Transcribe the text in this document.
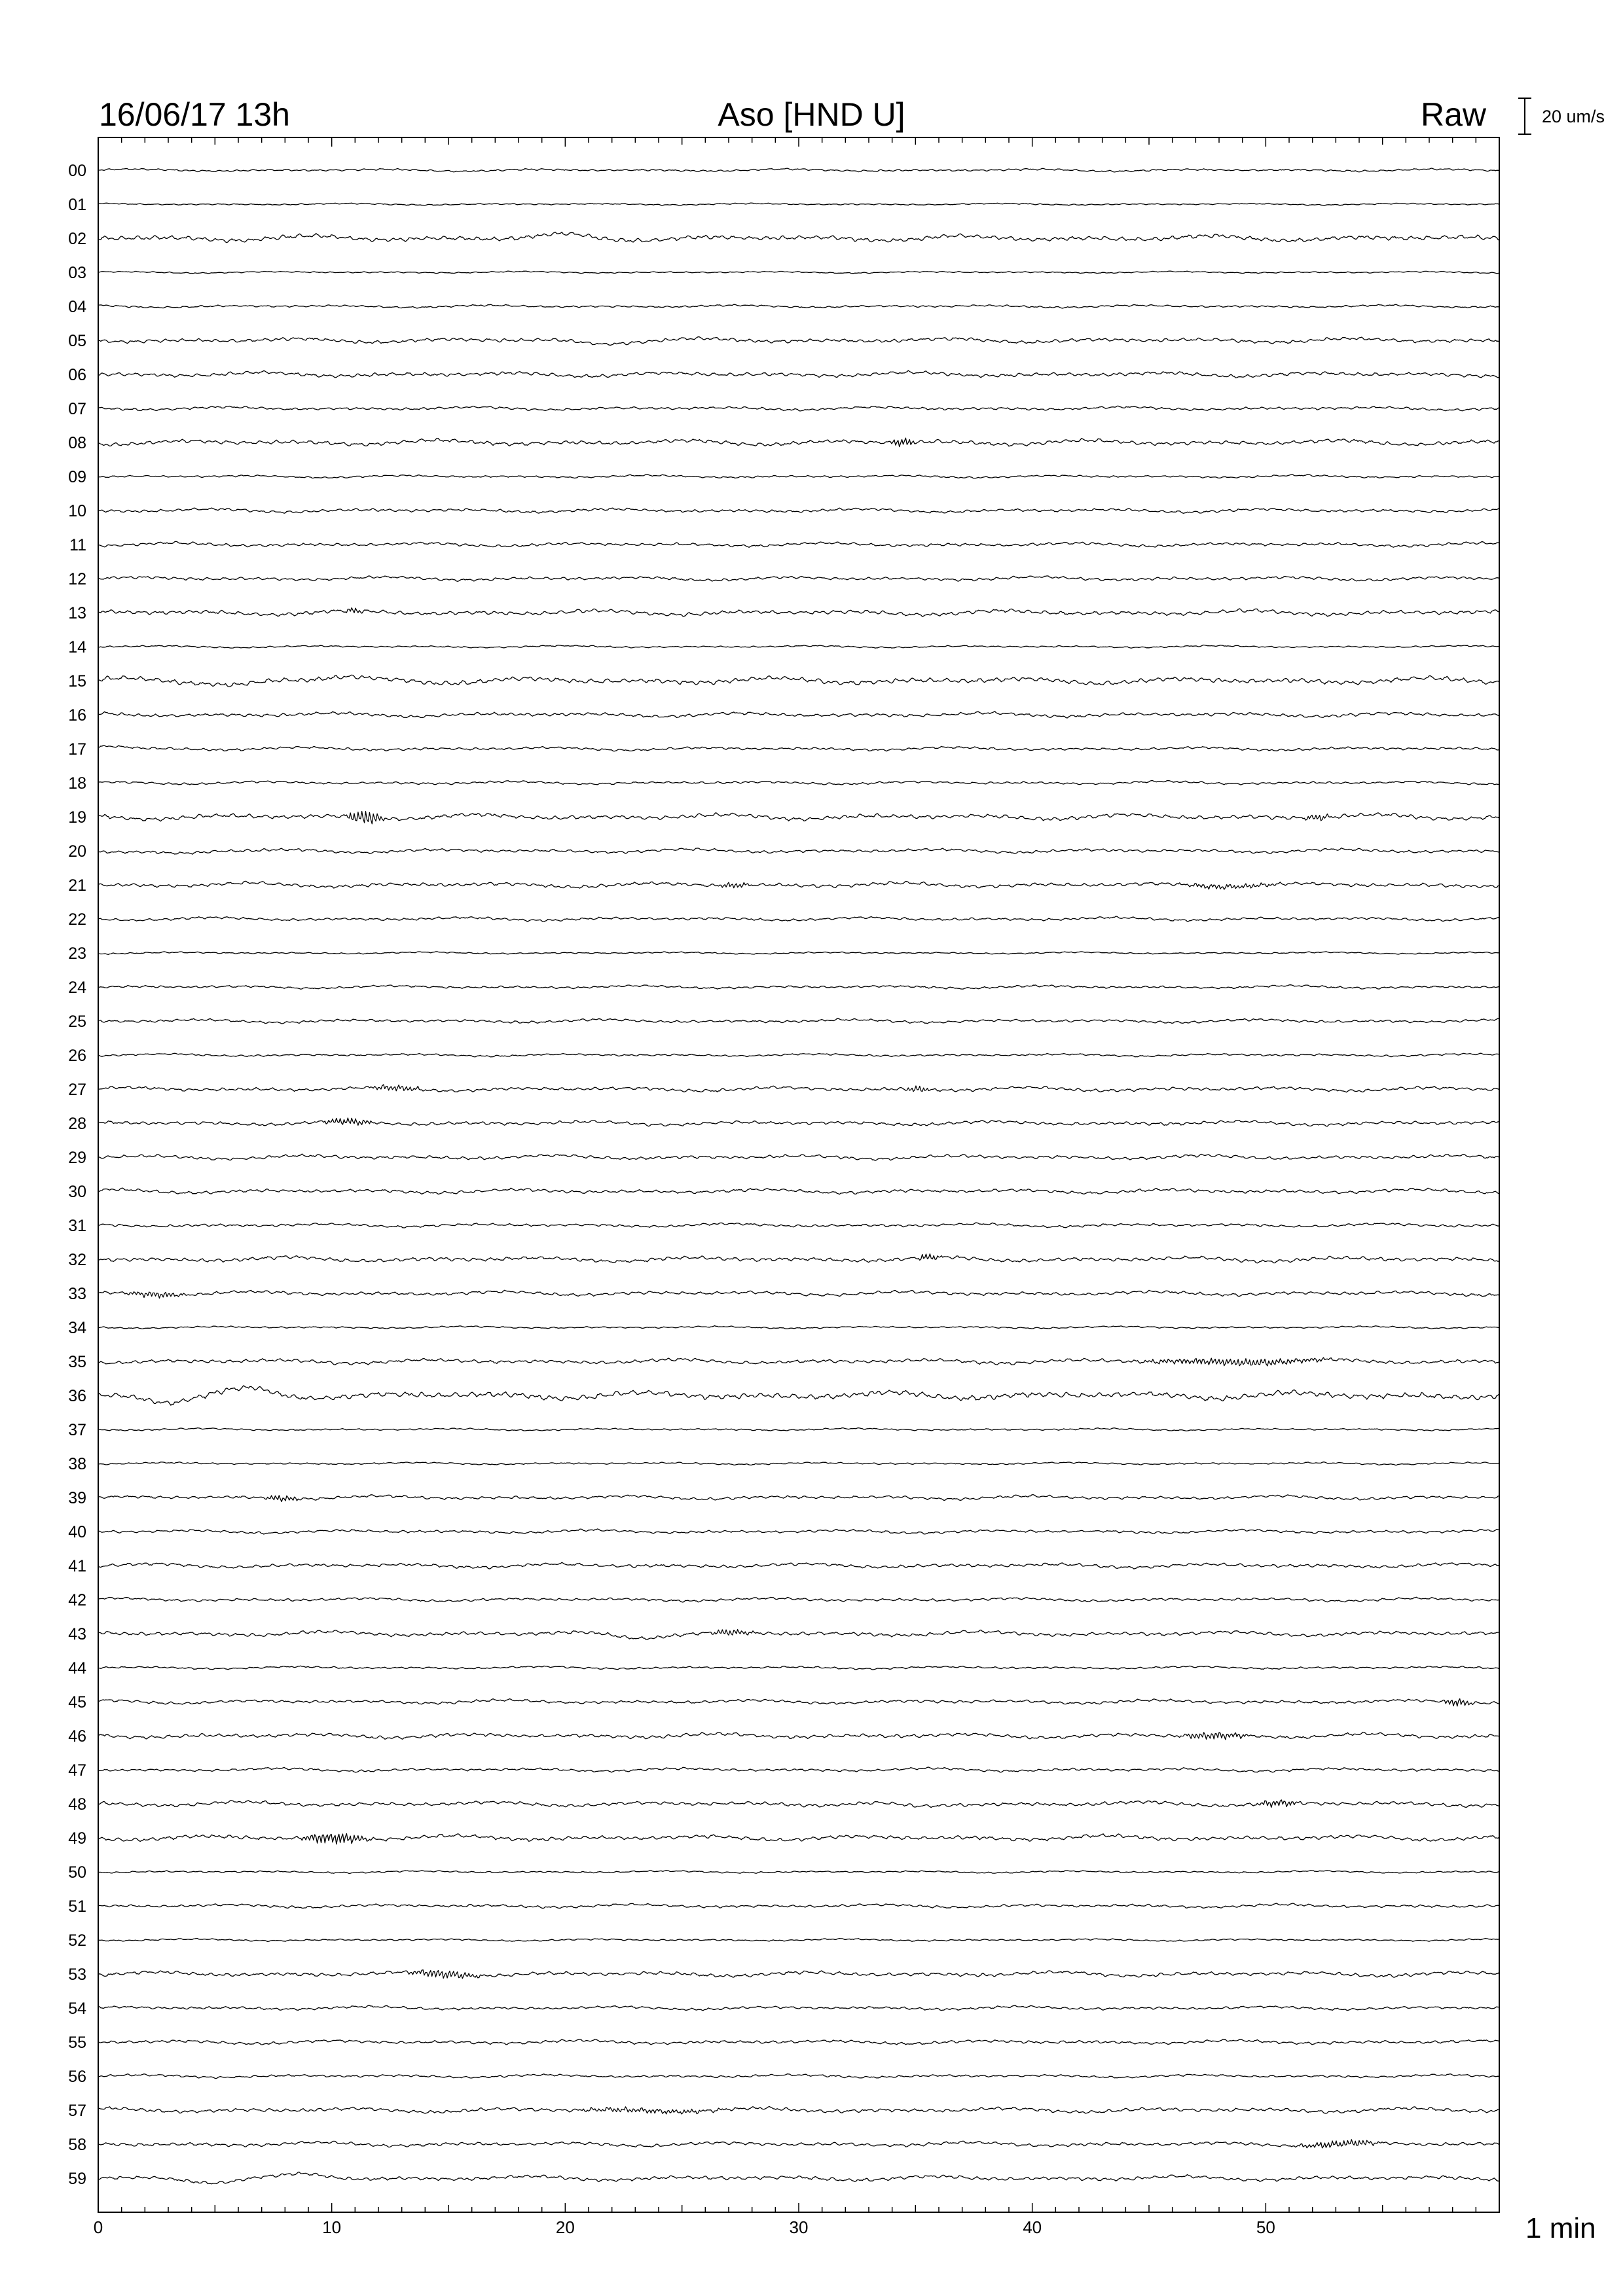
0	10	20	30	40	50
00
01
02
03
04
05
06
07
08
09
10
11
12
13
14
15
16
17
18
19
20
21
22
23
24
25
26
27
28
29
30
31
32
33
34
35
36
37
38
39
40
41
42
43
44
45
46
47
48
49
50
51
52
53
54
55
56
57
58
59
16/06/17 13h	Aso [HND U]	Raw	20 um/s
1 min
